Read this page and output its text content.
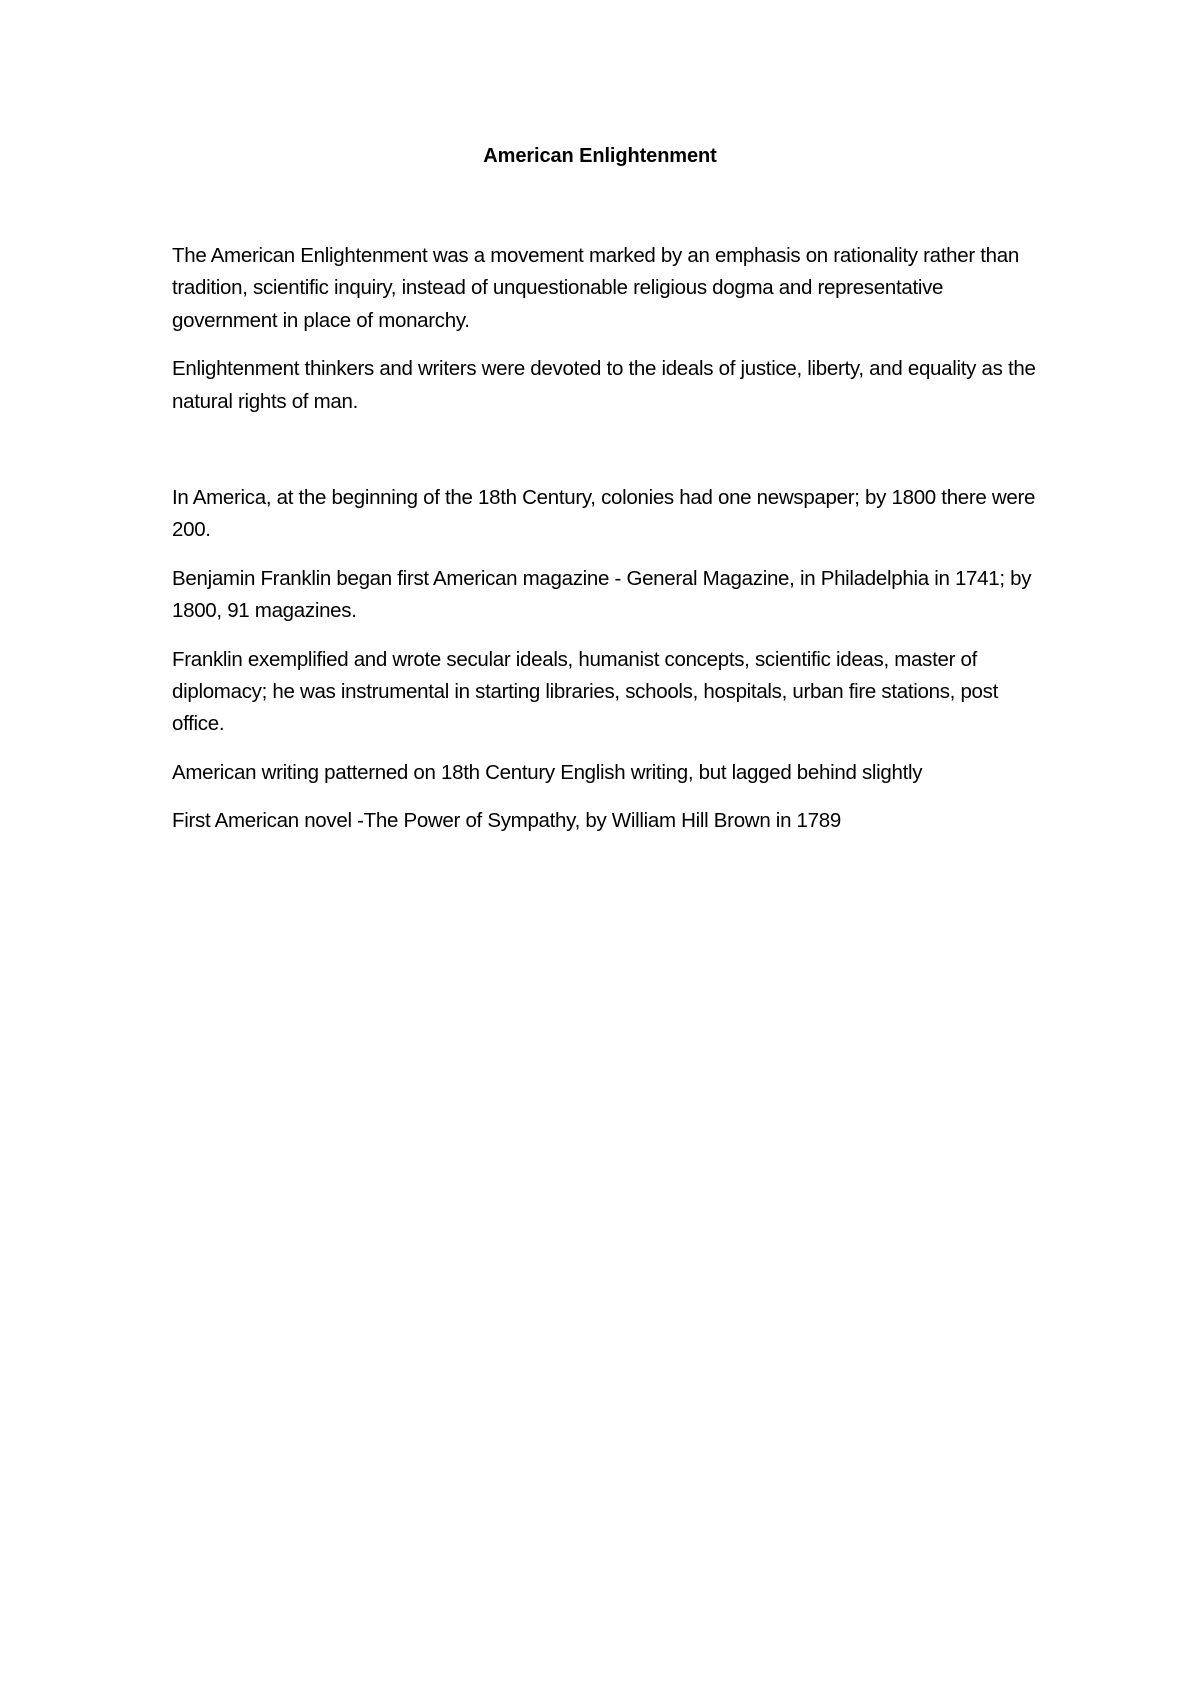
American Enlightenment

The American Enlightenment was a movement marked by an emphasis on rationality rather than tradition, scientific inquiry, instead of unquestionable religious dogma and representative government in place of monarchy.

Enlightenment thinkers and writers were devoted to the ideals of justice, liberty, and equality as the natural rights of man.

In America, at the beginning of the 18th Century, colonies had one newspaper; by 1800 there were 200.

Benjamin Franklin began first American magazine - General Magazine, in Philadelphia in 1741; by 1800, 91 magazines.

Franklin exemplified and wrote secular ideals, humanist concepts, scientific ideas, master of diplomacy; he was instrumental in starting libraries, schools, hospitals, urban fire stations, post office.

American writing patterned on 18th Century English writing, but lagged behind slightly

First American novel -The Power of Sympathy, by William Hill Brown in 1789
